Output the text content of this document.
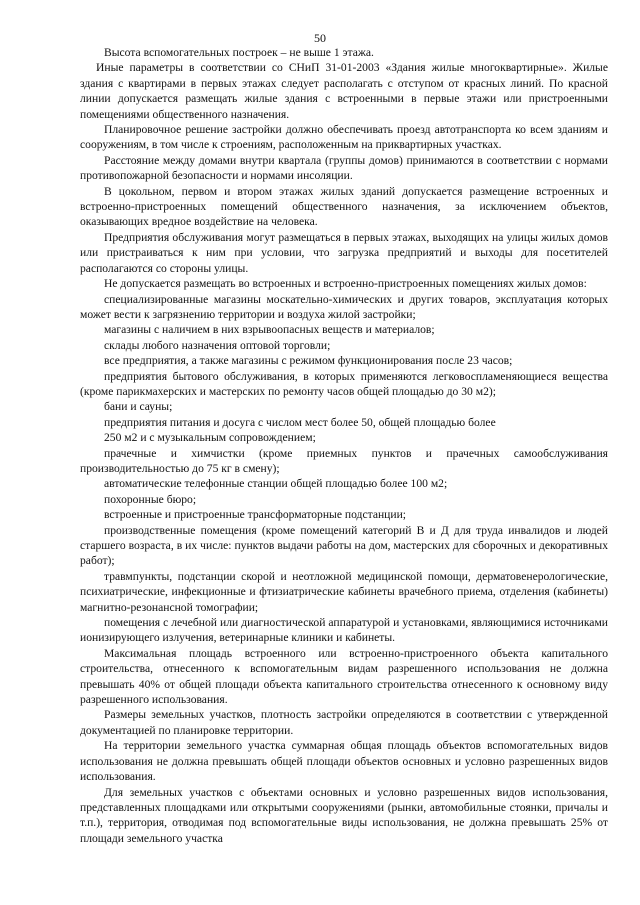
50

Высота вспомогательных построек – не выше 1 этажа.

Иные параметры в соответствии со СНиП 31-01-2003 «Здания жилые многоквартирные». Жилые здания с квартирами в первых этажах следует располагать с отступом от красных линий. По красной линии допускается размещать жилые здания с встроенными в первые этажи или пристроенными помещениями общественного назначения.

Планировочное решение застройки должно обеспечивать проезд автотранспорта ко всем зданиям и сооружениям, в том числе к строениям, расположенным на приквартирных участках.

Расстояние между домами внутри квартала (группы домов) принимаются в соответствии с нормами противопожарной безопасности и нормами инсоляции.

В цокольном, первом и втором этажах жилых зданий допускается размещение встроенных и встроенно-пристроенных помещений общественного назначения, за исключением объектов, оказывающих вредное воздействие на человека.

Предприятия обслуживания могут размещаться в первых этажах, выходящих на улицы жилых домов или пристраиваться к ним при условии, что загрузка предприятий и выходы для посетителей располагаются со стороны улицы.

Не допускается размещать во встроенных и встроенно-пристроенных помещениях жилых домов:

специализированные магазины москательно-химических и других товаров, эксплуатация которых может вести к загрязнению территории и воздуха жилой застройки;

магазины с наличием в них взрывоопасных веществ и материалов;

склады любого назначения оптовой торговли;

все предприятия, а также магазины с режимом функционирования после 23 часов;

предприятия бытового обслуживания, в которых применяются легковоспламеняющиеся вещества (кроме парикмахерских и мастерских по ремонту часов общей площадью до 30 м2);

бани и сауны;

предприятия питания и досуга с числом мест более 50, общей площадью более

250 м2 и с музыкальным сопровождением;

прачечные и химчистки (кроме приемных пунктов и прачечных самообслуживания производительностью до 75 кг в смену);

автоматические телефонные станции общей площадью более 100 м2;

похоронные бюро;

встроенные и пристроенные трансформаторные подстанции;

производственные помещения (кроме помещений категорий В и Д для труда инвалидов и людей старшего возраста, в их числе: пунктов выдачи работы на дом, мастерских для сборочных и декоративных работ);

травмпункты, подстанции скорой и неотложной медицинской помощи, дерматовенерологические, психиатрические, инфекционные и фтизиатрические кабинеты врачебного приема, отделения (кабинеты) магнитно-резонансной томографии;

помещения с лечебной или диагностической аппаратурой и установками, являющимися источниками ионизирующего излучения, ветеринарные клиники и кабинеты.

Максимальная площадь встроенного или встроенно-пристроенного объекта капитального строительства, отнесенного к вспомогательным видам разрешенного использования не должна превышать 40% от общей площади объекта капитального строительства отнесенного к основному виду разрешенного использования.

Размеры земельных участков, плотность застройки определяются в соответствии с утвержденной документацией по планировке территории.

На территории земельного участка суммарная общая площадь объектов вспомогательных видов использования не должна превышать общей площади объектов основных и условно разрешенных видов использования.

Для земельных участков с объектами основных и условно разрешенных видов использования, представленных площадками или открытыми сооружениями (рынки, автомобильные стоянки, причалы и т.п.), территория, отводимая под вспомогательные виды использования, не должна превышать 25% от площади земельного участка
